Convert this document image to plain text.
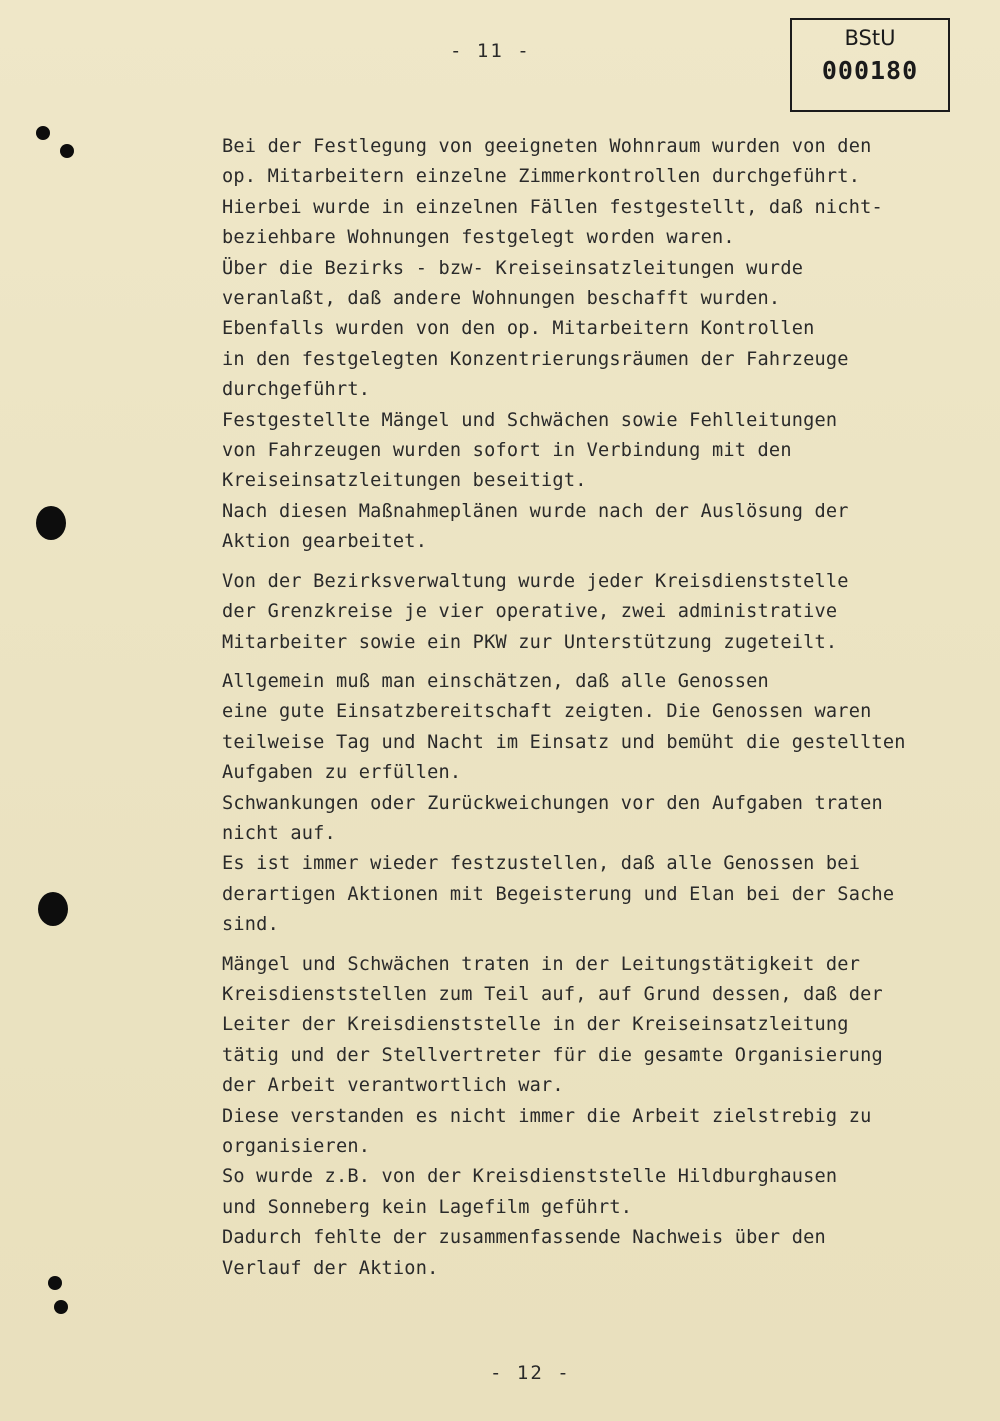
- 11 -
BStU
000180
Bei der Festlegung von geeigneten Wohnraum wurden von den
op. Mitarbeitern einzelne Zimmerkontrollen durchgeführt.
Hierbei wurde in einzelnen Fällen festgestellt, daß nicht-
beziehbare Wohnungen festgelegt worden waren.
Über die Bezirks - bzw- Kreiseinsatzleitungen wurde
veranlaßt, daß andere Wohnungen beschafft wurden.
Ebenfalls wurden von den op. Mitarbeitern Kontrollen
in den festgelegten Konzentrierungsräumen der Fahrzeuge
durchgeführt.
Festgestellte Mängel und Schwächen sowie Fehlleitungen
von Fahrzeugen wurden sofort in Verbindung mit den
Kreiseinsatzleitungen beseitigt.
Nach diesen Maßnahmeplänen wurde nach der Auslösung der
Aktion gearbeitet.
Von der Bezirksverwaltung wurde jeder Kreisdienststelle
der Grenzkreise je vier operative, zwei administrative
Mitarbeiter sowie ein PKW zur Unterstützung zugeteilt.
Allgemein muß man einschätzen, daß alle Genossen
eine gute Einsatzbereitschaft zeigten. Die Genossen waren
teilweise Tag und Nacht im Einsatz und bemüht die gestellten
Aufgaben zu erfüllen.
Schwankungen oder Zurückweichungen vor den Aufgaben traten
nicht auf.
Es ist immer wieder festzustellen, daß alle Genossen bei
derartigen Aktionen mit Begeisterung und Elan bei der Sache
sind.
Mängel und Schwächen traten in der Leitungstätigkeit der
Kreisdienststellen zum Teil auf, auf Grund dessen, daß der
Leiter der Kreisdienststelle in der Kreiseinsatzleitung
tätig und der Stellvertreter für die gesamte Organisierung
der Arbeit verantwortlich war.
Diese verstanden es nicht immer die Arbeit zielstrebig zu
organisieren.
So wurde z.B. von der Kreisdienststelle Hildburghausen
und Sonneberg kein Lagefilm geführt.
Dadurch fehlte der zusammenfassende Nachweis über den
Verlauf der Aktion.
- 12 -
